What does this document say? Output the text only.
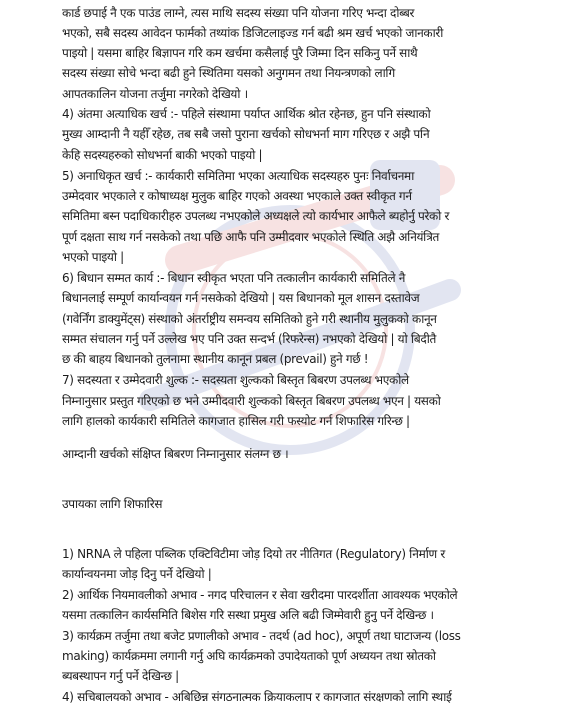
कार्ड छपाई नै एक पाउंड लाग्ने, त्यस माथि सदस्य संख्या पनि योजना गरिए भन्दा दोब्बर
भएको, सबै सदस्य आवेदन फार्मको तथ्यांक डिजिटलाइज्ड गर्न बढी श्रम खर्च भएको जानकारी
पाइयो | यसमा बाहिर बिज्ञापन गरि कम खर्चमा कसैलाई पुरै जिम्मा दिन सकिनु पर्ने साथै
सदस्य संख्या सोचे भन्दा बढी हुने स्थितिमा यसको अनुगमन तथा नियन्त्रणको लागि
आपतकालिन योजना तर्जुमा नगरेको देखियो ।
4) अंतमा अत्याधिक खर्च :- पहिले संस्थामा पर्याप्त आर्थिक श्रोत रहेनछ, हुन पनि संस्थाको
मुख्य आम्दानी नै यहीँ रहेछ, तब सबै जसो पुराना खर्चको सोधभर्ना माग गरिएछ र अझै पनि
केहि सदस्यहरुको सोधभर्ना बाकी भएको पाइयो |
5) अनाधिकृत खर्च :- कार्यकारी समितिमा भएका अत्याधिक सदस्यहरु पुनः निर्वाचनमा
उम्मेदवार भएकाले र कोषाध्यक्ष मुलुक बाहिर गएको अवस्था भएकाले उक्त स्वीकृत गर्न
समितिमा बस्न पदाधिकारीहरु उपलब्ध नभएकोले अध्यक्षले त्यो कार्यभार आफैले ब्यहोर्नु परेको र
पूर्ण दक्षता साथ गर्न नसकेको तथा पछि आफै पनि उम्मीदवार भएकोले स्थिति अझै अनियंत्रित
भएको पाइयो |
6) बिधान सम्मत कार्य :- बिधान स्वीकृत भएता पनि तत्कालीन कार्यकारी समितिले नै
बिधानलाई सम्पूर्ण कार्यान्वयन गर्न नसकेको देखियो | यस बिधानको मूल शासन दस्तावेज
(गवेर्निंग डाक्युमेंट्स) संस्थाको अंतर्राष्ट्रीय समन्वय समितिको हुने गरी स्थानीय मुलुकको कानून
सम्मत संचालन गर्नु पर्ने उल्लेख भए पनि उक्त सन्दर्भ (रिफरेन्स) नभएको देखियो | यो बिदीतै
छ की बाहय बिधानको तुलनामा स्थानीय कानून प्रबल (prevail) हुने गर्छ !
7) सदस्यता र उम्मेदवारी शुल्क :- सदस्यता शुल्कको बिस्तृत बिबरण उपलब्ध भएकोले
निम्नानुसार प्रस्तुत गरिएको छ भने उम्मीदवारी शुल्कको बिस्तृत बिबरण उपलब्ध भएन | यसको
लागि हालको कार्यकारी समितिले कागजात हासिल गरी फस्योट गर्न शिफारिस गरिन्छ |
आम्दानी खर्चको संक्षिप्त बिबरण निम्नानुसार संलग्न छ ।
उपायका लागि शिफारिस
1) NRNA ले पहिला पब्लिक एक्टिविटीमा जोड़ दियो तर नीतिगत (Regulatory) निर्माण र
कार्यान्वयनमा जोड़ दिनु पर्ने देखियो |
2) आर्थिक नियमावलीको अभाव - नगद परिचालन र सेवा खरीदमा पारदर्शीता आवश्यक भएकोले
यसमा तत्कालिन कार्यसमिति बिशेस गरि सस्था प्रमुख अलि बढी जिम्मेवारी हुनु पर्ने देखिन्छ ।
3) कार्यक्रम तर्जुमा तथा बजेट प्रणालीको अभाव - तदर्थ (ad hoc), अपूर्ण तथा घाटाजन्य (loss
making) कार्यक्रममा लगानी गर्नु अघि कार्यक्रमको उपादेयताको पूर्ण अध्ययन तथा स्रोतको
ब्यबस्थापन गर्नु पर्ने देखिन्छ |
4) सचिबालयको अभाव - अबिछिन्न संगठनात्मक क्रियाकलाप र कागजात संरक्षणको लागि स्थाई
